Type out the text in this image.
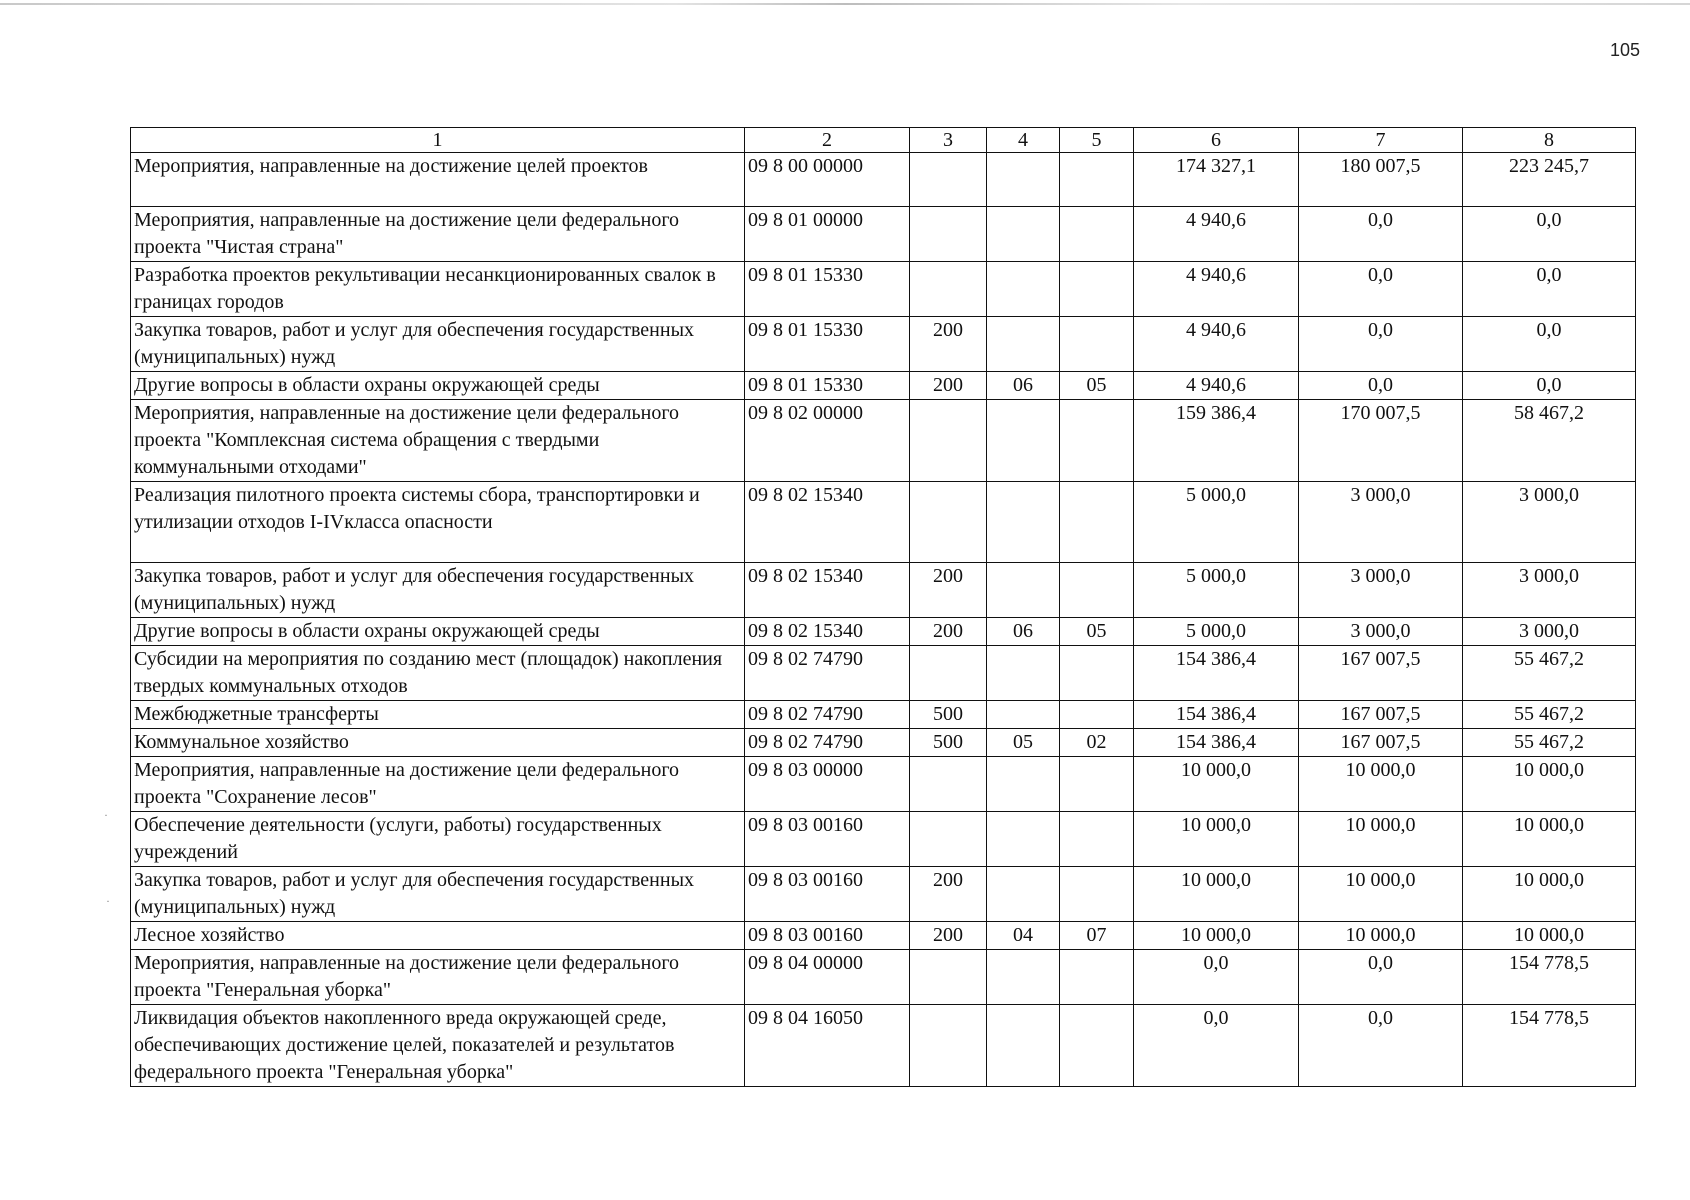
105
·
·
1	2	3	4	5	6	7	8
Мероприятия, направленные на достижение целей проектов	09 8 00 00000				174 327,1	180 007,5	223 245,7
Мероприятия, направленные на достижение цели федерального проекта "Чистая страна"	09 8 01 00000				4 940,6	0,0	0,0
Разработка проектов рекультивации несанкционированных свалок в границах городов	09 8 01 15330				4 940,6	0,0	0,0
Закупка товаров, работ и услуг для обеспечения государственных (муниципальных) нужд	09 8 01 15330	200			4 940,6	0,0	0,0
Другие вопросы в области охраны окружающей среды	09 8 01 15330	200	06	05	4 940,6	0,0	0,0
Мероприятия, направленные на достижение цели федерального проекта "Комплексная система обращения с твердыми коммунальными отходами"	09 8 02 00000				159 386,4	170 007,5	58 467,2
Реализация пилотного проекта системы сбора, транспортировки и утилизации отходов I-IVкласса опасности	09 8 02 15340				5 000,0	3 000,0	3 000,0
Закупка товаров, работ и услуг для обеспечения государственных (муниципальных) нужд	09 8 02 15340	200			5 000,0	3 000,0	3 000,0
Другие вопросы в области охраны окружающей среды	09 8 02 15340	200	06	05	5 000,0	3 000,0	3 000,0
Субсидии на мероприятия по созданию мест (площадок) накопления твердых коммунальных отходов	09 8 02 74790				154 386,4	167 007,5	55 467,2
Межбюджетные трансферты	09 8 02 74790	500			154 386,4	167 007,5	55 467,2
Коммунальное хозяйство	09 8 02 74790	500	05	02	154 386,4	167 007,5	55 467,2
Мероприятия, направленные на достижение цели федерального проекта "Сохранение лесов"	09 8 03 00000				10 000,0	10 000,0	10 000,0
Обеспечение деятельности (услуги, работы) государственных учреждений	09 8 03 00160				10 000,0	10 000,0	10 000,0
Закупка товаров, работ и услуг для обеспечения государственных (муниципальных) нужд	09 8 03 00160	200			10 000,0	10 000,0	10 000,0
Лесное хозяйство	09 8 03 00160	200	04	07	10 000,0	10 000,0	10 000,0
Мероприятия, направленные на достижение цели федерального проекта "Генеральная уборка"	09 8 04 00000				0,0	0,0	154 778,5
Ликвидация объектов накопленного вреда окружающей среде, обеспечивающих достижение целей, показателей и результатов федерального проекта "Генеральная уборка"	09 8 04 16050				0,0	0,0	154 778,5
